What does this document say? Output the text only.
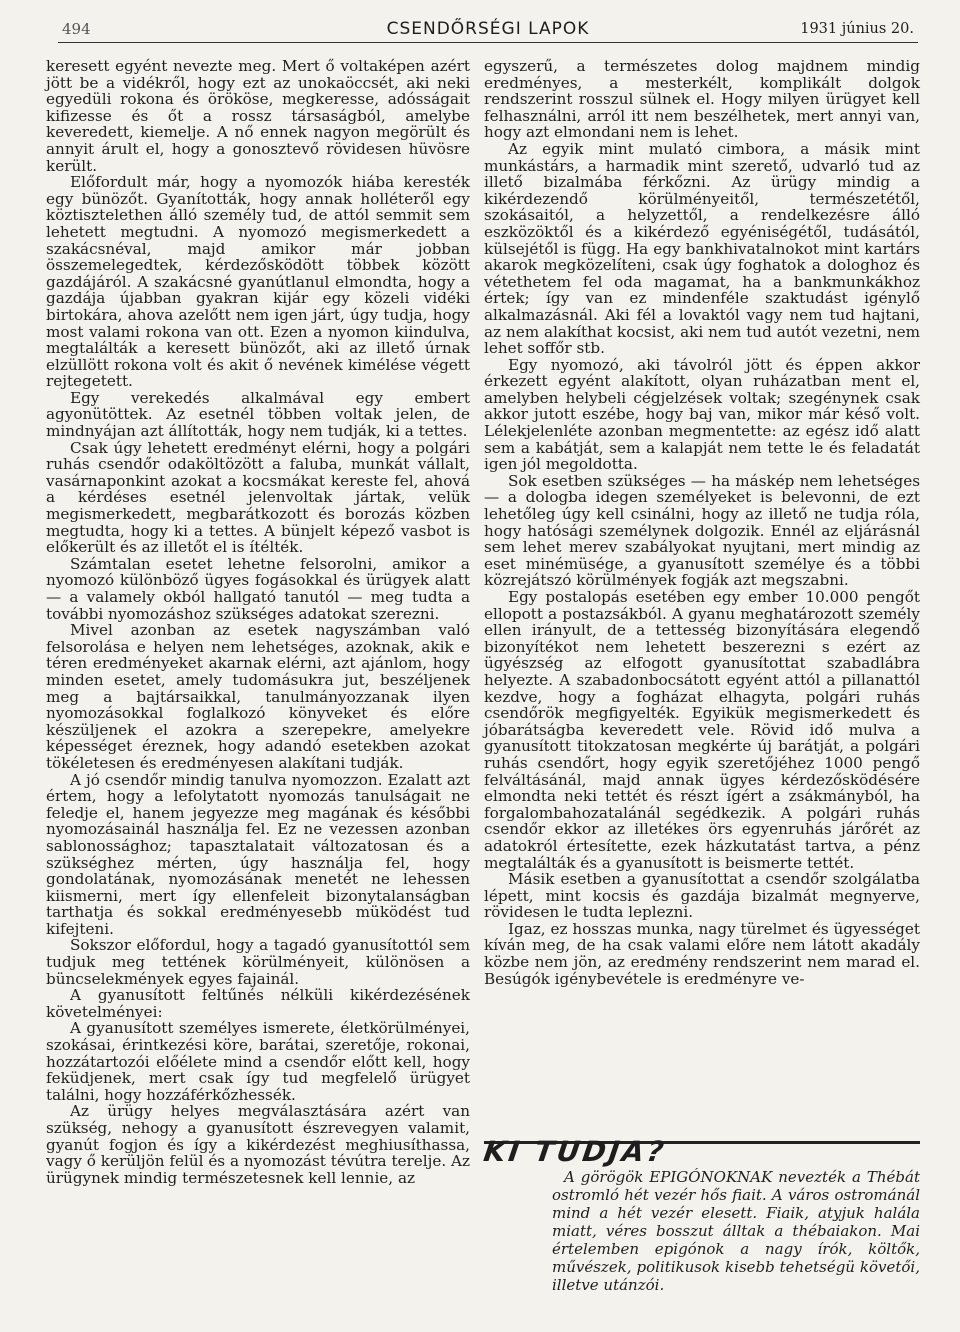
494	CSENDŐRSÉGI LAPOK	1931 június 20.

keresett egyént nevezte meg. Mert ő voltaképen azért jött be a vidékről, hogy ezt az unokaöccsét, aki neki egyedüli rokona és örököse, megkeresse, adósságait kifizesse és őt a rossz társaságból, amelybe keveredett, kiemelje. A nő ennek nagyon megörült és annyit árult el, hogy a gonosztevő rövidesen hüvösre került.

Előfordult már, hogy a nyomozók hiába keresték egy bünözőt. Gyanították, hogy annak holléteről egy köztisztelethen álló személy tud, de attól semmit sem lehetett megtudni. A nyomozó megismerkedett a szakácsnéval, majd amikor már jobban összemelegedtek, kérdezősködött többek között gazdájáról. A szakácsné gyanútlanul elmondta, hogy a gazdája újabban gyakran kijár egy közeli vidéki birtokára, ahova azelőtt nem igen járt, úgy tudja, hogy most valami rokona van ott. Ezen a nyomon kiindulva, megtalálták a keresett bünözőt, aki az illető úrnak elzüllött rokona volt és akit ő nevének kimélése végett rejtegetett.

Egy verekedés alkalmával egy embert agyonütöttek. Az esetnél többen voltak jelen, de mindnyájan azt állították, hogy nem tudják, ki a tettes.

Csak úgy lehetett eredményt elérni, hogy a polgári ruhás csendőr odaköltözött a faluba, munkát vállalt, vasárnaponkint azokat a kocsmákat kereste fel, ahová a kérdéses esetnél jelenvoltak jártak, velük megismerkedett, megbarátkozott és borozás közben megtudta, hogy ki a tettes. A bünjelt képező vasbot is előkerült és az illetőt el is ítélték.

Számtalan esetet lehetne felsorolni, amikor a nyomozó különböző ügyes fogásokkal és ürügyek alatt — a valamely okból hallgató tanutól — meg tudta a további nyomozáshoz szükséges adatokat szerezni.

Mivel azonban az esetek nagyszámban való felsorolása e helyen nem lehetséges, azoknak, akik e téren eredményeket akarnak elérni, azt ajánlom, hogy minden esetet, amely tudomásukra jut, beszéljenek meg a bajtársaikkal, tanulmányozzanak ilyen nyomozásokkal foglalkozó könyveket és előre készüljenek el azokra a szerepekre, amelyekre képességet éreznek, hogy adandó esetekben azokat tökéletesen és eredményesen alakítani tudják.

A jó csendőr mindig tanulva nyomozzon. Ezalatt azt értem, hogy a lefolytatott nyomozás tanulságait ne feledje el, hanem jegyezze meg magának és későbbi nyomozásainál használja fel. Ez ne vezessen azonban sablonossághoz; tapasztalatait változatosan és a szükséghez mérten, úgy használja fel, hogy gondolatának, nyomozásának menetét ne lehessen kiismerni, mert így ellenfeleit bizonytalanságban tarthatja és sokkal eredményesebb müködést tud kifejteni.

Sokszor előfordul, hogy a tagadó gyanusítottól sem tudjuk meg tettének körülményeit, különösen a büncselekmények egyes fajainál.

A gyanusított feltűnés nélküli kikérdezésének követelményei:

A gyanusított személyes ismerete, életkörülményei, szokásai, érintkezési köre, barátai, szeretője, rokonai, hozzátartozói előélete mind a csendőr előtt kell, hogy feküdjenek, mert csak így tud megfelelő ürügyet találni, hogy hozzáférkőzhessék.

Az ürügy helyes megválasztására azért van szükség, nehogy a gyanusított észrevegyen valamit, gyanút fogjon és így a kikérdezést meghiusíthassa, vagy ő kerüljön felül és a nyomozást tévútra terelje. Az ürügynek mindig természetesnek kell lennie, az

egyszerű, a természetes dolog majdnem mindig eredményes, a mesterkélt, komplikált dolgok rendszerint rosszul sülnek el. Hogy milyen ürügyet kell felhasználni, arról itt nem beszélhetek, mert annyi van, hogy azt elmondani nem is lehet.

Az egyik mint mulató cimbora, a másik mint munkástárs, a harmadik mint szerető, udvarló tud az illető bizalmába férkőzni. Az ürügy mindig a kikérdezendő körülményeitől, természetétől, szokásaitól, a helyzettől, a rendelkezésre álló eszközöktől és a kikérdező egyéniségétől, tudásától, külsejétől is függ. Ha egy bankhivatalnokot mint kartárs akarok megközelíteni, csak úgy foghatok a dologhoz és vétethetem fel oda magamat, ha a bankmunkákhoz értek; így van ez mindenféle szaktudást igénylő alkalmazásnál. Aki fél a lovaktól vagy nem tud hajtani, az nem alakíthat kocsist, aki nem tud autót vezetni, nem lehet soffőr stb.

Egy nyomozó, aki távolról jött és éppen akkor érkezett egyént alakított, olyan ruházatban ment el, amelyben helybeli cégjelzések voltak; szegénynek csak akkor jutott eszébe, hogy baj van, mikor már késő volt. Lélekjelenléte azonban megmentette: az egész idő alatt sem a kabátját, sem a kalapját nem tette le és feladatát igen jól megoldotta.

Sok esetben szükséges — ha máskép nem lehetséges — a dologba idegen személyeket is belevonni, de ezt lehetőleg úgy kell csinálni, hogy az illető ne tudja róla, hogy hatósági személynek dolgozik. Ennél az eljárásnál sem lehet merev szabályokat nyujtani, mert mindig az eset minémüsége, a gyanusított személye és a többi közrejátszó körülmények fogják azt megszabni.

Egy postalopás esetében egy ember 10.000 pengőt ellopott a postazsákból. A gyanu meghatározott személy ellen irányult, de a tettesség bizonyítására elegendő bizonyítékot nem lehetett beszerezni s ezért az ügyészség az elfogott gyanusítottat szabadlábra helyezte. A szabadonbocsátott egyént attól a pillanattól kezdve, hogy a fogházat elhagyta, polgári ruhás csendőrök megfigyelték. Egyikük megismerkedett és jóbarátságba keveredett vele. Rövid idő mulva a gyanusított titokzatosan megkérte új barátját, a polgári ruhás csendőrt, hogy egyik szeretőjéhez 1000 pengő felváltásánál, majd annak ügyes kérdezősködésére elmondta neki tettét és részt ígért a zsákmányból, ha forgalombahozatalánál segédkezik. A polgári ruhás csendőr ekkor az illetékes örs egyenruhás járőrét az adatokról értesítette, ezek házkutatást tartva, a pénz megtalálták és a gyanusított is beismerte tettét.

Másik esetben a gyanusítottat a csendőr szolgálatba lépett, mint kocsis és gazdája bizalmát megnyerve, rövidesen le tudta leplezni.

Igaz, ez hosszas munka, nagy türelmet és ügyességet kíván meg, de ha csak valami előre nem látott akadály közbe nem jön, az eredmény rendszerint nem marad el. Besúgók igénybevétele is eredményre ve-

KI TUDJA?

A görögök EPIGÓNOKNAK nevezték a Thébát ostromló hét vezér hős fiait. A város ostrománál mind a hét vezér elesett. Fiaik, atyjuk halála miatt, véres bosszut álltak a thébaiakon. Mai értelemben epigónok a nagy írók, költők, művészek, politikusok kisebb tehetségü követői, illetve utánzói.
